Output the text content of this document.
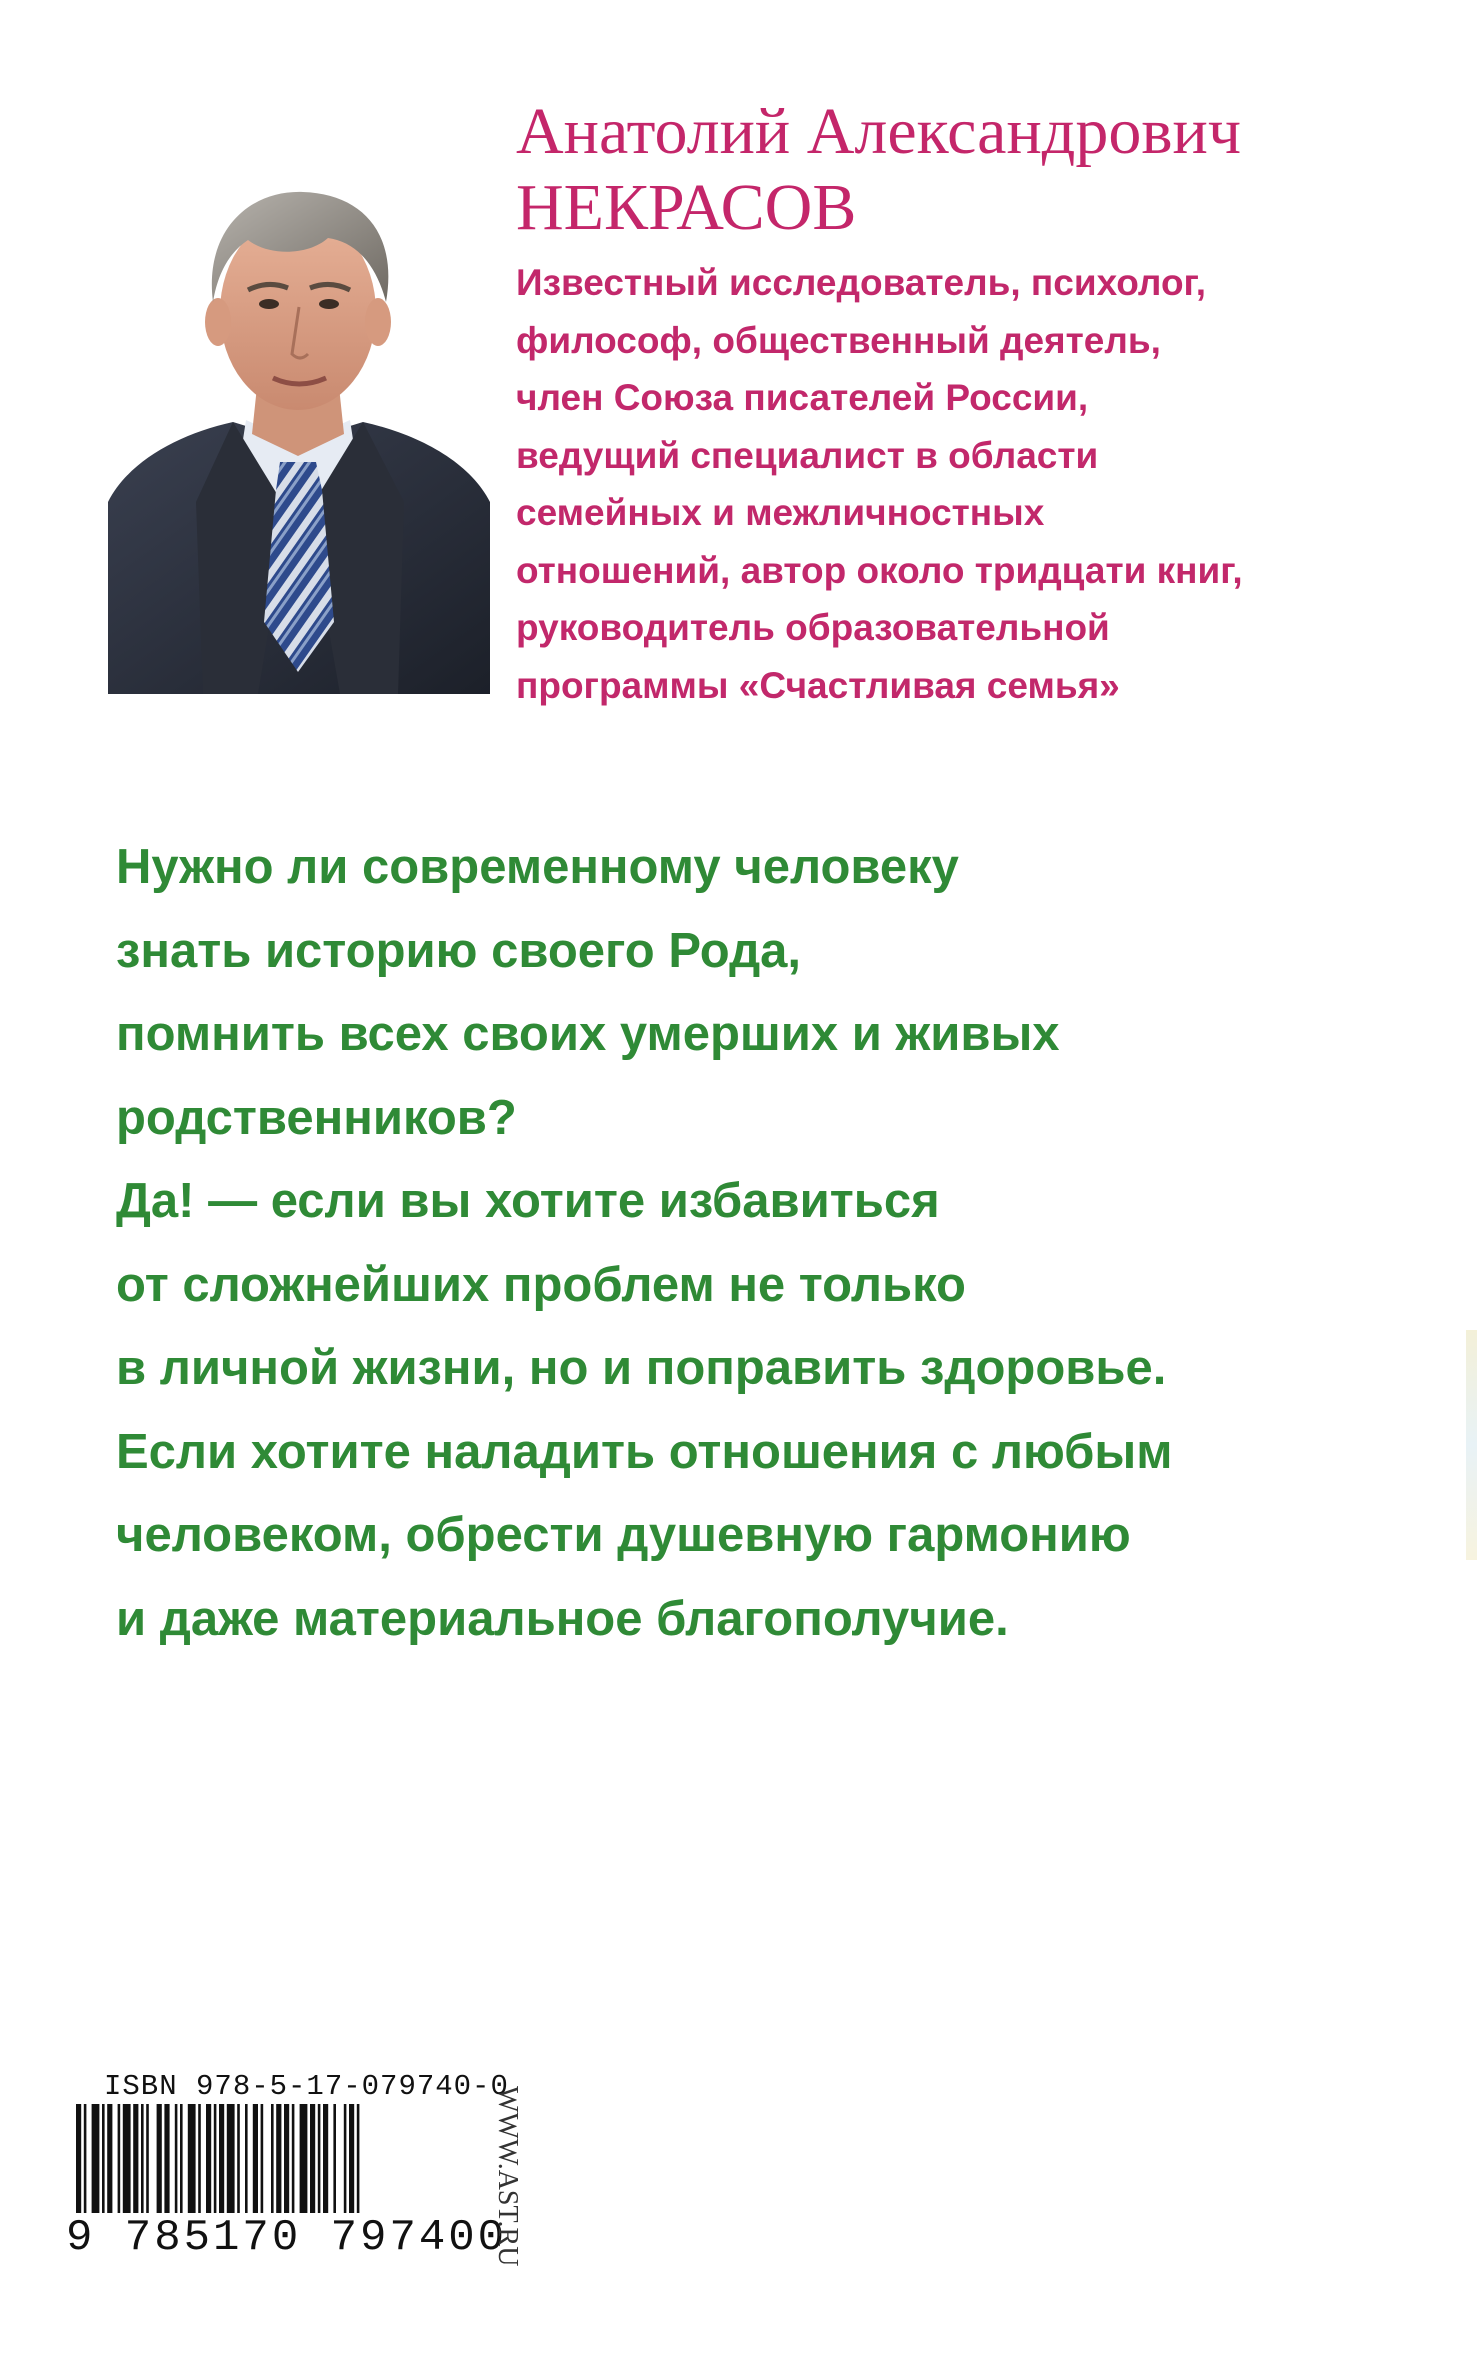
Анатолий Александрович
НЕКРАСОВ
Известный исследователь, психолог,
философ, общественный деятель,
член Союза писателей России,
ведущий специалист в области
семейных и межличностных
отношений, автор около тридцати книг,
руководитель образовательной
программы «Счастливая семья»
Нужно ли современному человеку
знать историю своего Рода,
помнить всех своих умерших и живых
родственников?
Да! — если вы хотите избавиться
от сложнейших проблем не только
в личной жизни, но и поправить здоровье.
Если хотите наладить отношения с любым
человеком, обрести душевную гармонию
и даже материальное благополучие.
ISBN 978-5-17-079740-0
9 785170 797400
WWW.AST.RU
